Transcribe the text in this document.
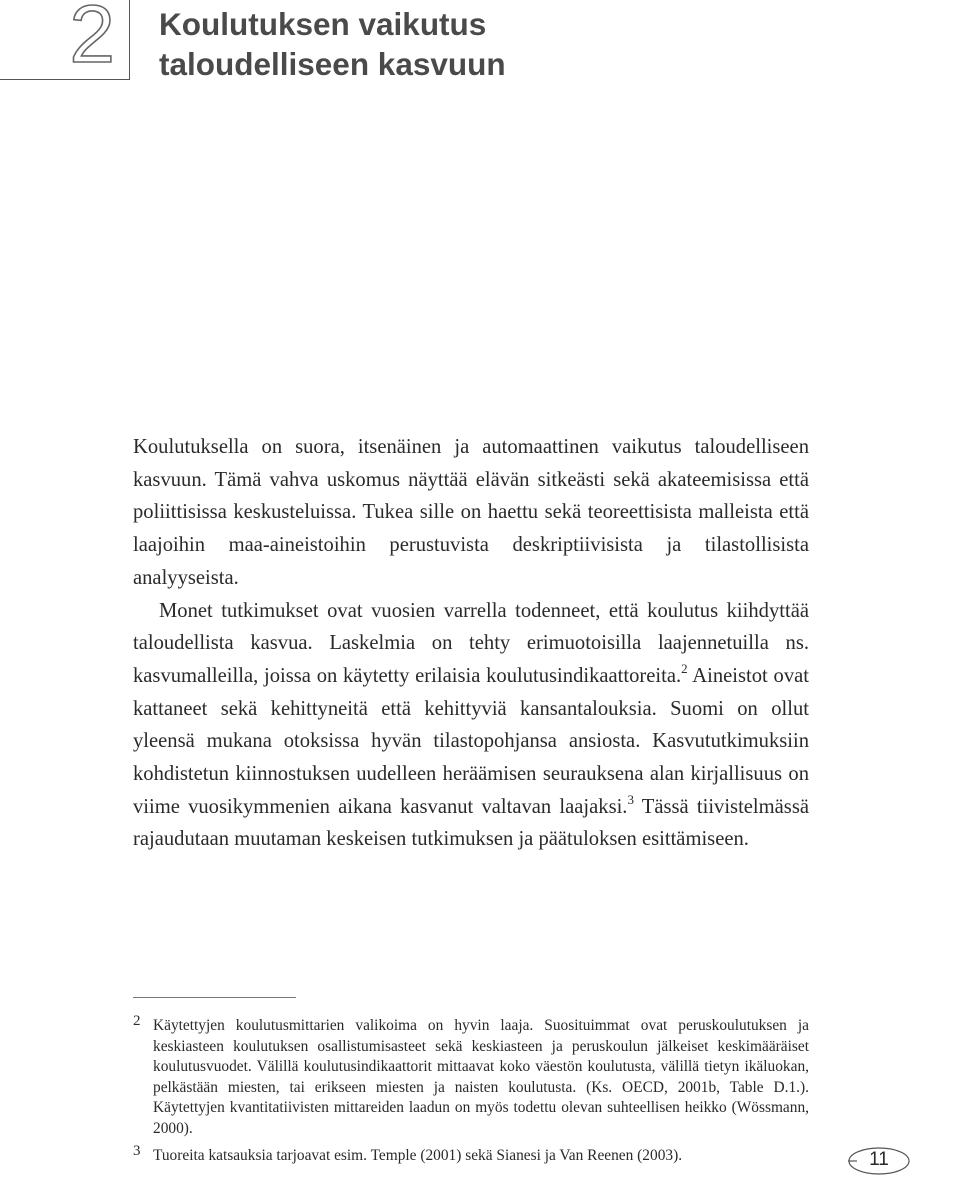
2 Koulutuksen vaikutus
taloudelliseen kasvuun

Koulutuksella on suora, itsenäinen ja automaattinen vaikutus taloudelliseen kasvuun. Tämä vahva uskomus näyttää elävän sitkeästi sekä akateemisissa että poliittisissa keskusteluissa. Tukea sille on haettu sekä teoreettisista malleista että laajoihin maa-aineistoihin perustuvista deskriptiivisista ja tilastollisista analyyseista.

Monet tutkimukset ovat vuosien varrella todenneet, että koulutus kiihdyttää taloudellista kasvua. Laskelmia on tehty erimuotoisilla laajennetuilla ns. kasvumalleilla, joissa on käytetty erilaisia koulutusindikaattoreita.$^2$ Aineistot ovat kattaneet sekä kehittyneitä että kehittyviä kansantalouksia. Suomi on ollut yleensä mukana otoksissa hyvän tilastopohjansa ansiosta. Kasvututkimuksiin kohdistetun kiinnostuksen uudelleen heräämisen seurauksena alan kirjallisuus on viime vuosikymmenien aikana kasvanut valtavan laajaksi.$^3$ Tässä tiivistelmässä rajaudutaan muutaman keskeisen tutkimuksen ja päätuloksen esittämiseen.

2 Käytettyjen koulutusmittarien valikoima on hyvin laaja. Suosituimmat ovat peruskoulutuksen ja keskiasteen koulutuksen osallistumisasteet sekä keskiasteen ja peruskoulun jälkeiset keskimääräiset koulutusvuodet. Välillä koulutusindikaattorit mittaavat koko väestön koulutusta, välillä tietyn ikäluokan, pelkästään miesten, tai erikseen miesten ja naisten koulutusta. (Ks. OECD, 2001b, Table D.1.). Käytettyjen kvantitatiivisten mittareiden laadun on myös todettu olevan suhteellisen heikko (Wössmann, 2000).
3 Tuoreita katsauksia tarjoavat esim. Temple (2001) sekä Sianesi ja Van Reenen (2003).	11
